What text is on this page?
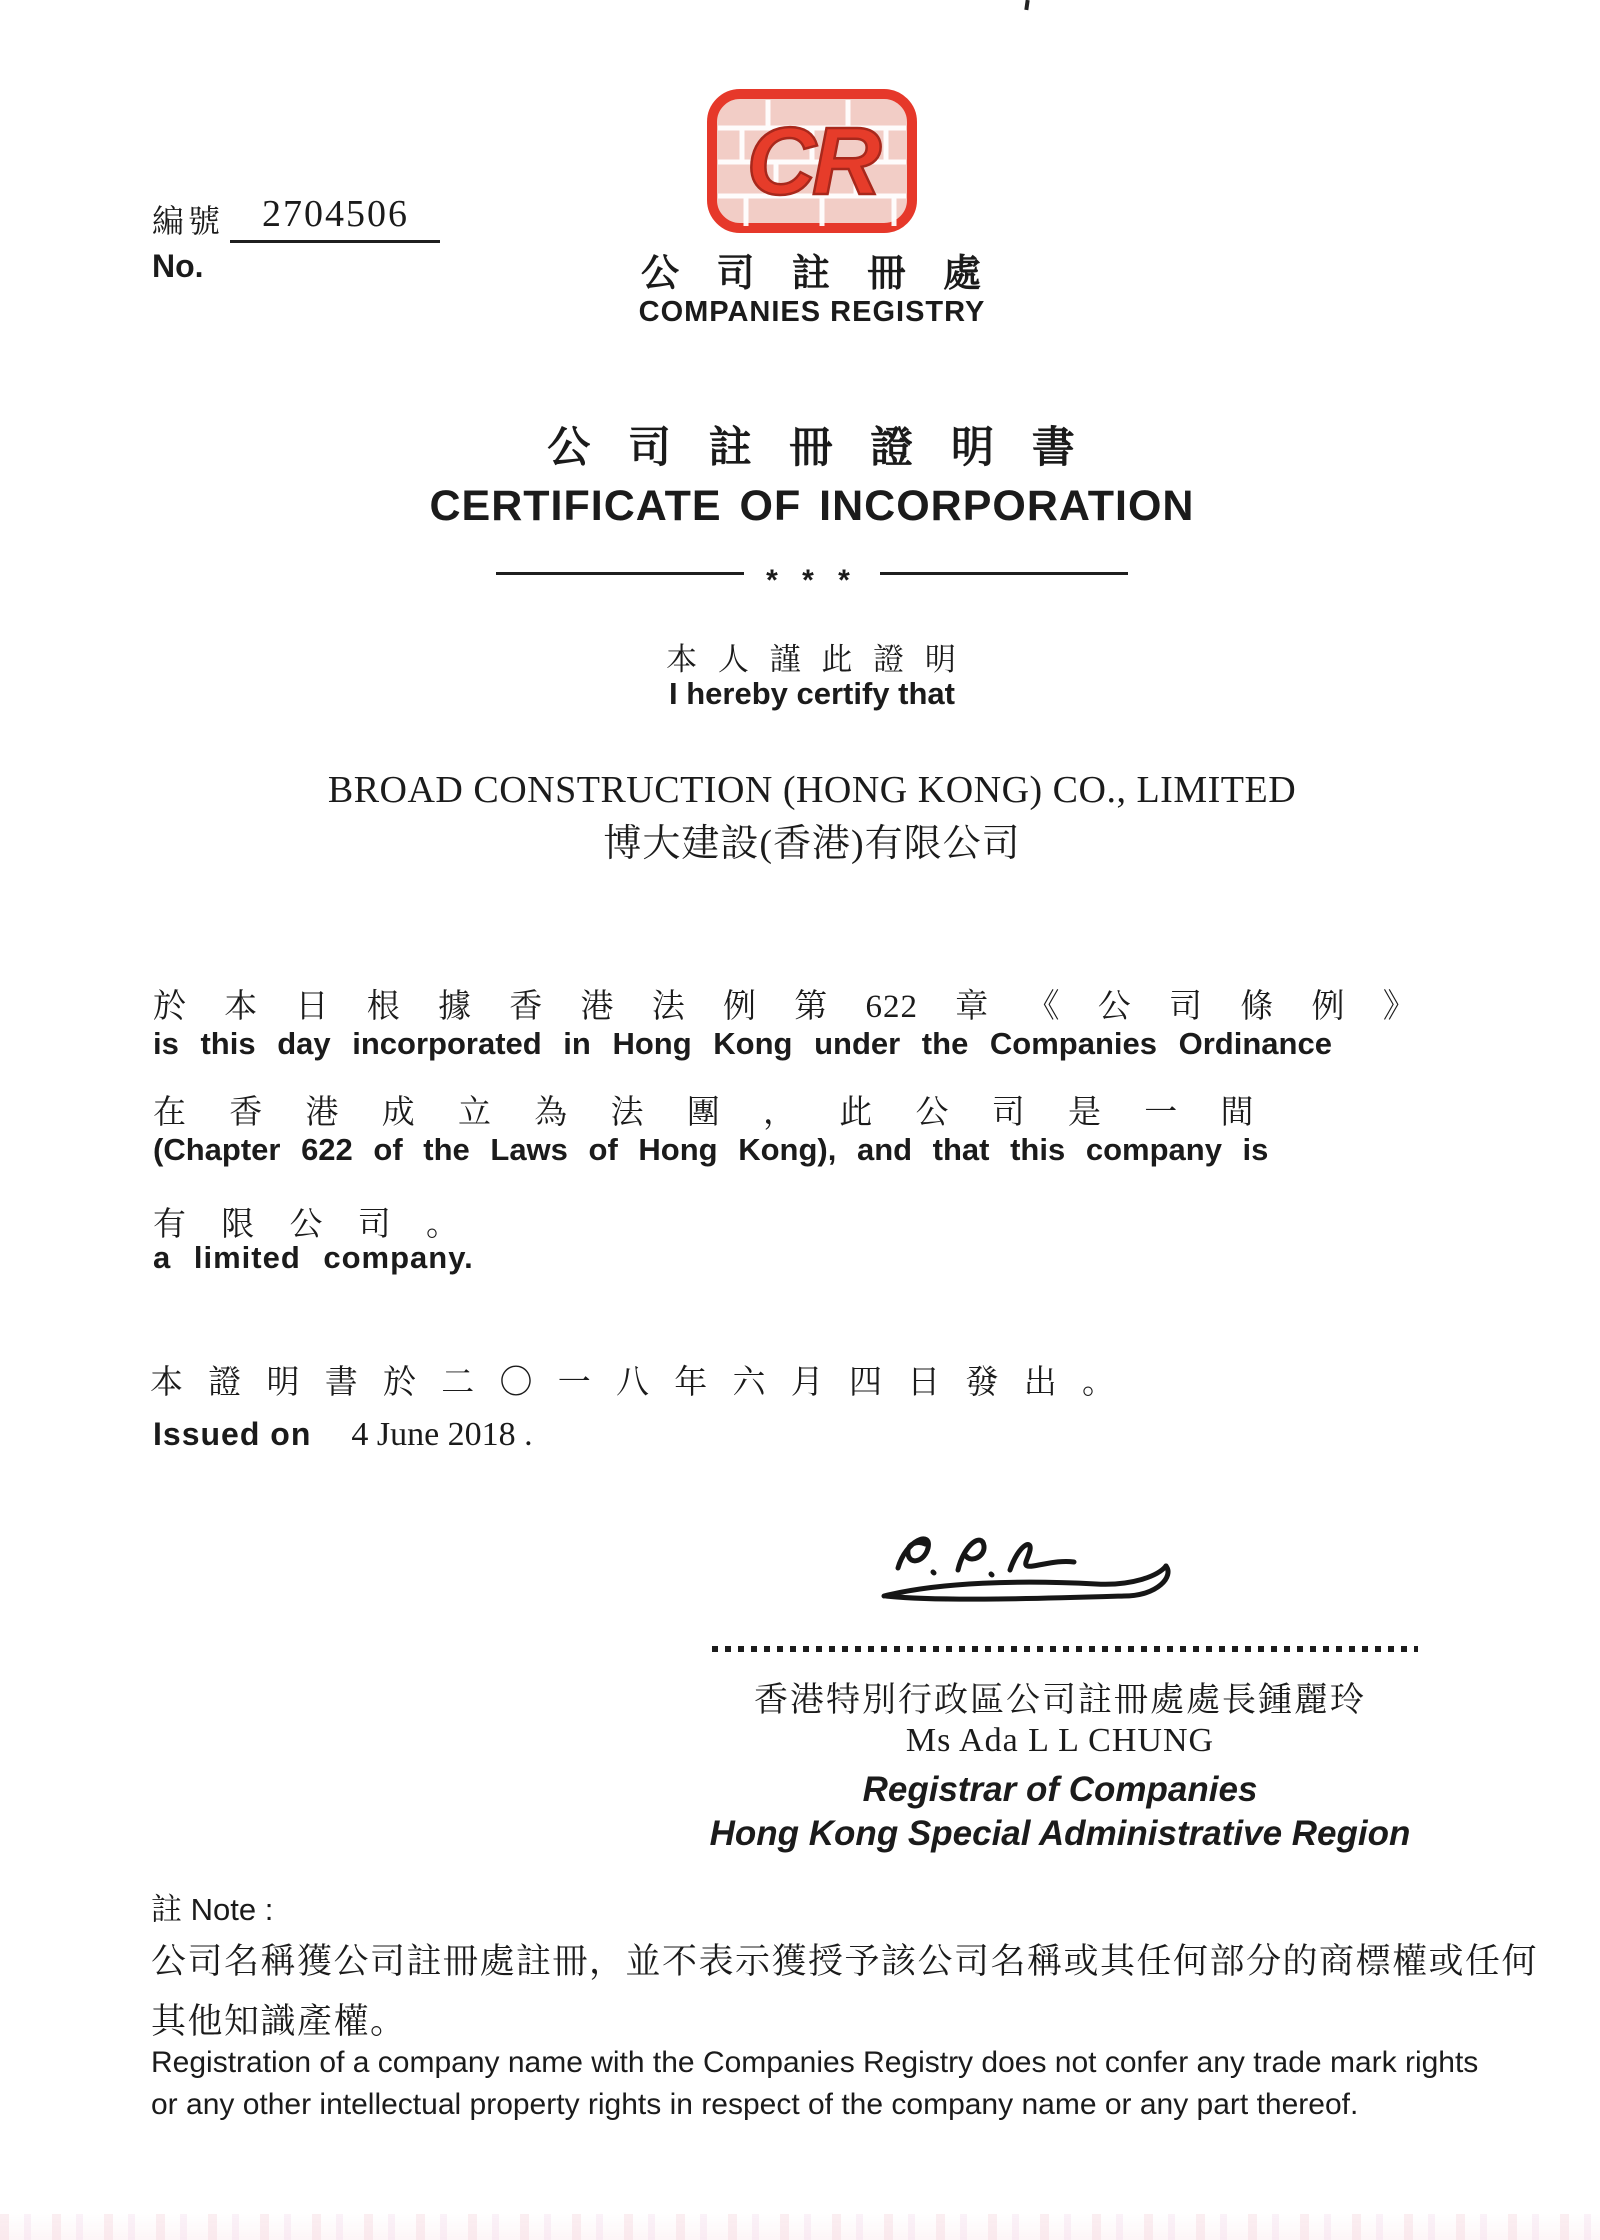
編號 2704506
No.
CR
公 司 註 冊 處
COMPANIES REGISTRY
公 司 註 冊 證 明 書
CERTIFICATE OF INCORPORATION
* * *
本 人 謹 此 證 明
I hereby certify that
BROAD CONSTRUCTION (HONG KONG) CO., LIMITED
博大建設(香港)有限公司
於 本 日 根 據 香 港 法 例 第 622 章 《 公 司 條 例 》
is this day incorporated in Hong Kong under the Companies Ordinance
在 香 港 成 立 為 法 團 ， 此 公 司 是 一 間
(Chapter 622 of the Laws of Hong Kong), and that this company is
有 限 公 司 。
a limited company.
本 證 明 書 於 二 〇 一 八 年 六 月 四 日 發 出 。
Issued on 4 June 2018 .
香港特別行政區公司註冊處處長鍾麗玲
Ms Ada L L CHUNG
Registrar of Companies
Hong Kong Special Administrative Region
註 Note :
公司名稱獲公司註冊處註冊，並不表示獲授予該公司名稱或其任何部分的商標權或任何
其他知識產權。
Registration of a company name with the Companies Registry does not confer any trade mark rights
or any other intellectual property rights in respect of the company name or any part thereof.
